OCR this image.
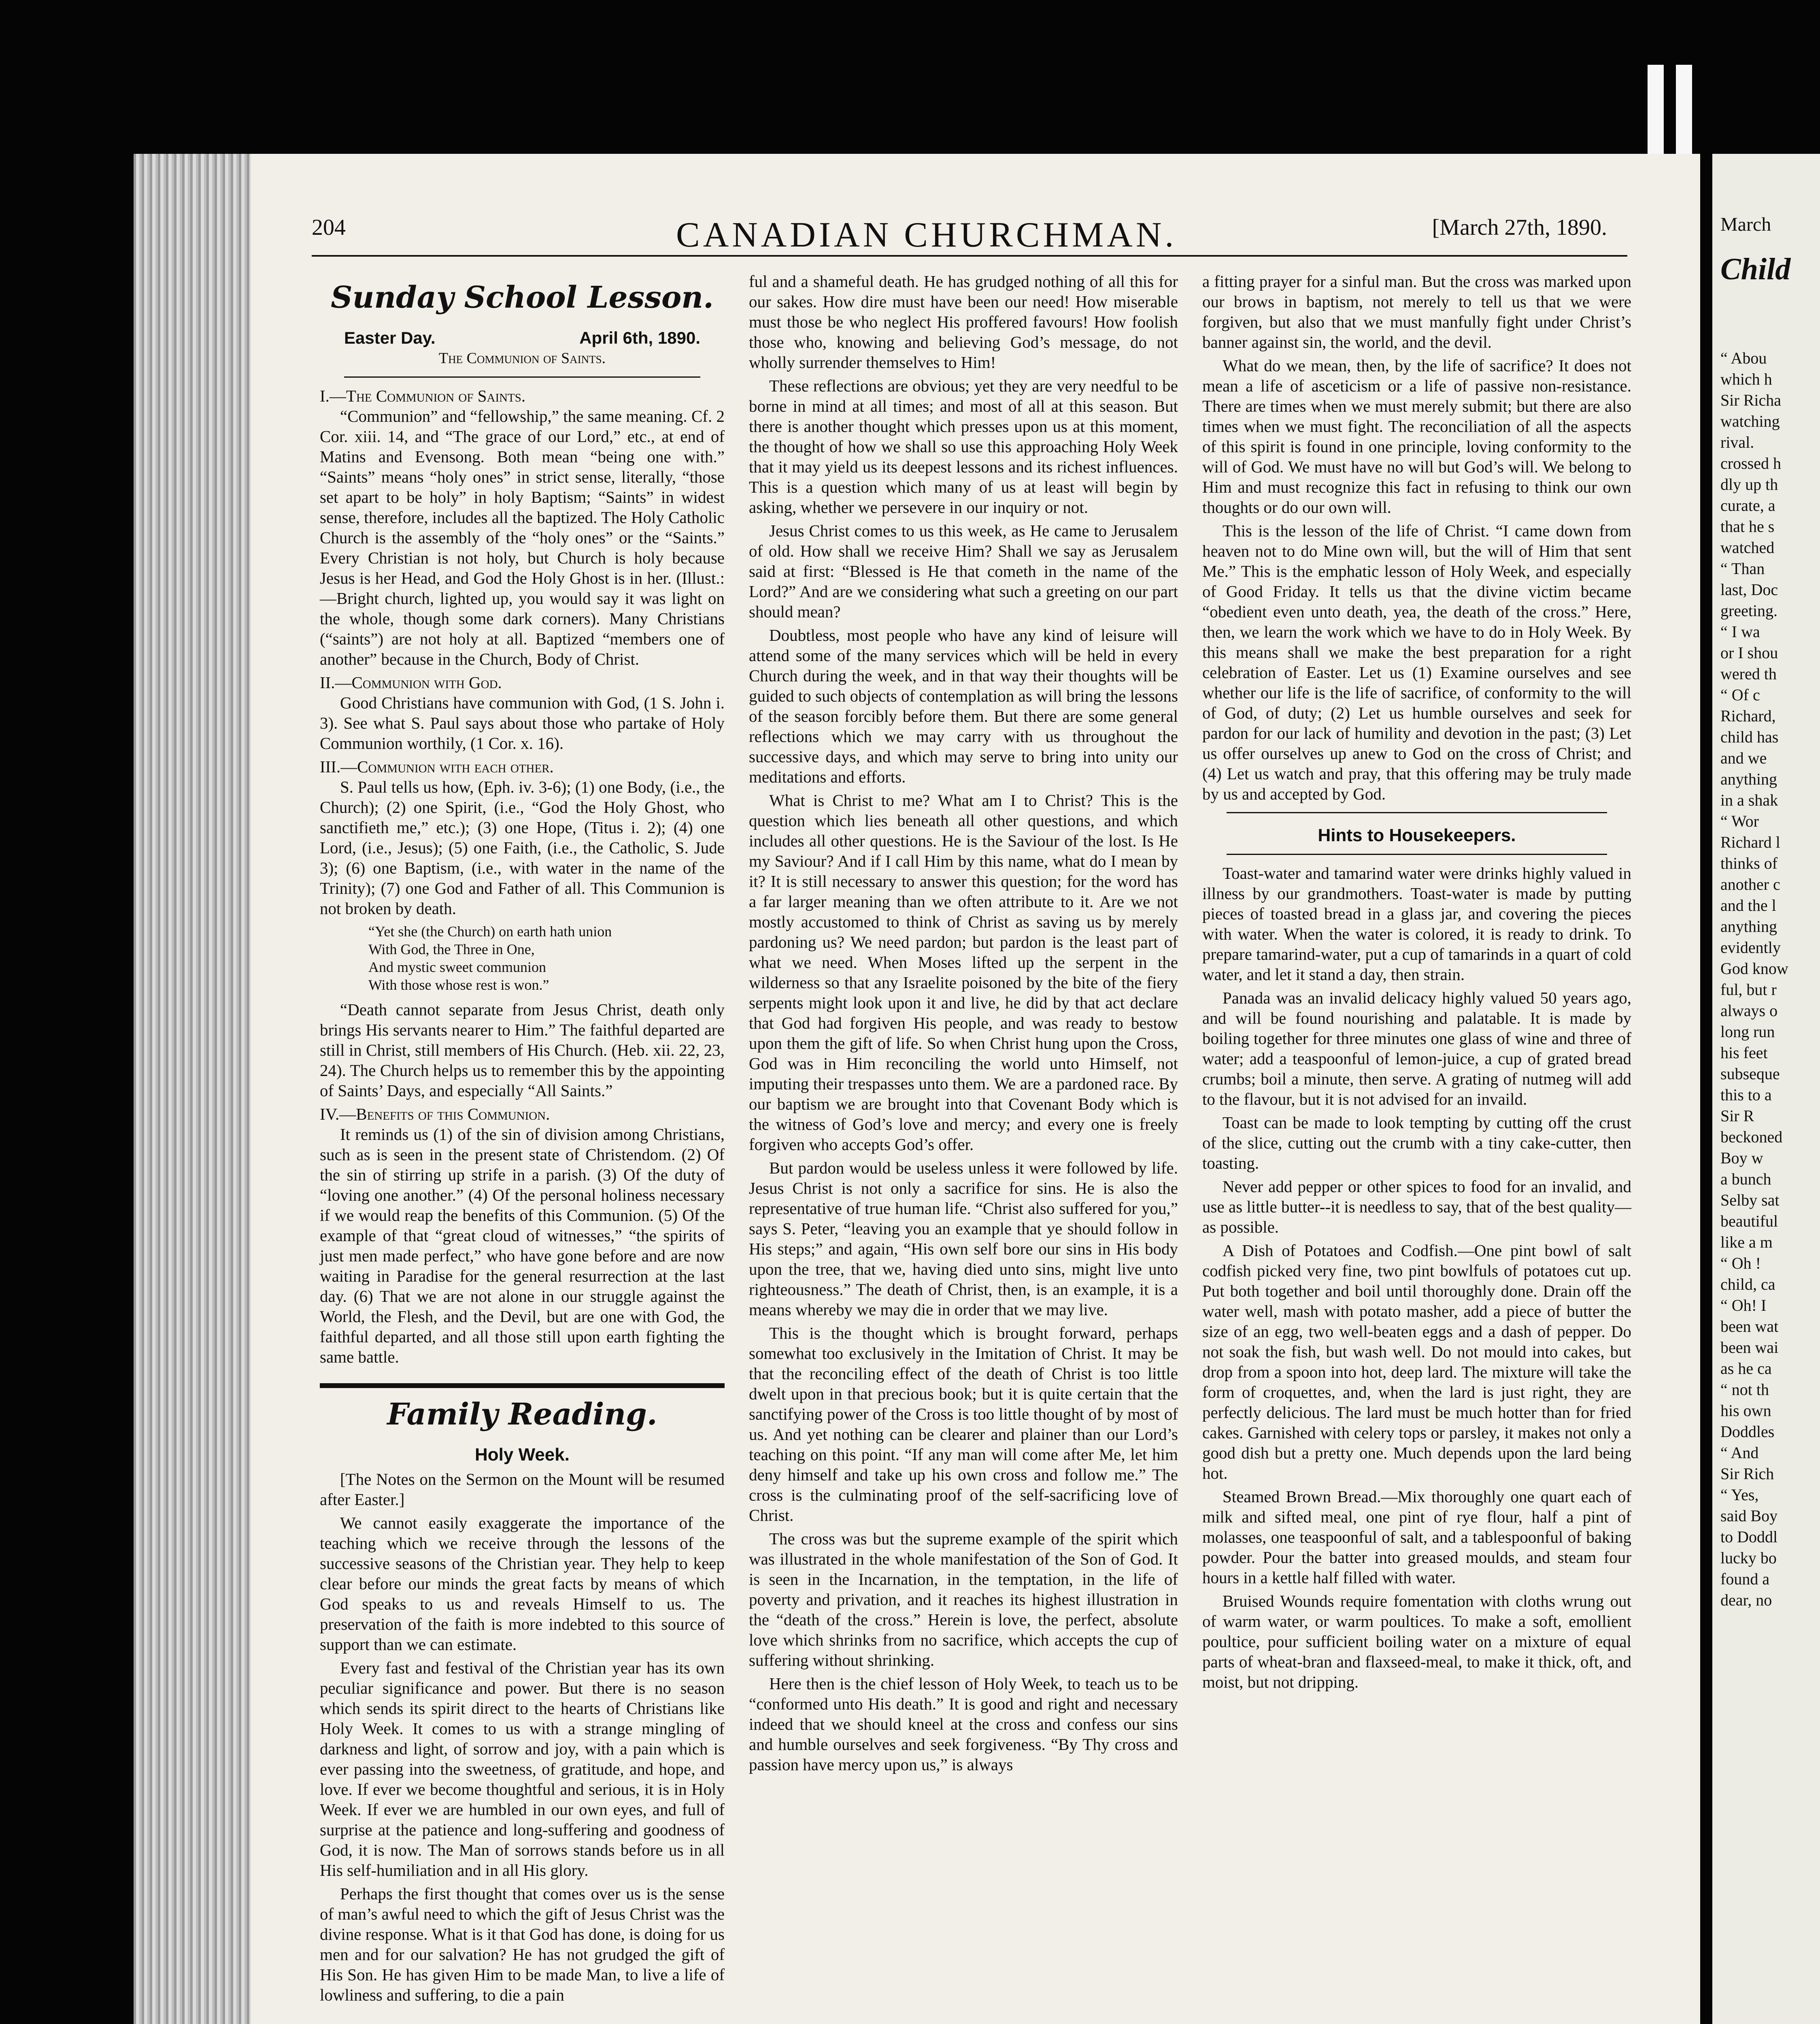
204	CANADIAN CHURCHMAN.	[March 27th, 1890.
Sunday School Lesson.
Easter Day.	April 6th, 1890.
The Communion of Saints.
I.—The Communion of Saints.

“Communion” and “fellowship,” the same meaning. Cf. 2 Cor. xiii. 14, and “The grace of our Lord,” etc., at end of Matins and Evensong. Both mean “being one with.” “Saints” means “holy ones” in strict sense, literally, “those set apart to be holy” in holy Baptism; “Saints” in widest sense, therefore, includes all the baptized. The Holy Catholic Church is the assembly of the “holy ones” or the “Saints.” Every Christian is not holy, but Church is holy because Jesus is her Head, and God the Holy Ghost is in her. (Illust.:—Bright church, lighted up, you would say it was light on the whole, though some dark corners). Many Christians (“saints”) are not holy at all. Baptized “members one of another” because in the Church, Body of Christ.

II.—Communion with God.

Good Christians have communion with God, (1 S. John i. 3). See what S. Paul says about those who partake of Holy Communion worthily, (1 Cor. x. 16).

III.—Communion with each other.

S. Paul tells us how, (Eph. iv. 3-6); (1) one Body, (i.e., the Church); (2) one Spirit, (i.e., “God the Holy Ghost, who sanctifieth me,” etc.); (3) one Hope, (Titus i. 2); (4) one Lord, (i.e., Jesus); (5) one Faith, (i.e., the Catholic, S. Jude 3); (6) one Baptism, (i.e., with water in the name of the Trinity); (7) one God and Father of all. This Communion is not broken by death.

“Yet she (the Church) on earth hath union
With God, the Three in One,
And mystic sweet communion
With those whose rest is won.”

“Death cannot separate from Jesus Christ, death only brings His servants nearer to Him.” The faithful departed are still in Christ, still members of His Church. (Heb. xii. 22, 23, 24). The Church helps us to remember this by the appointing of Saints’ Days, and especially “All Saints.”

IV.—Benefits of this Communion.

It reminds us (1) of the sin of division among Christians, such as is seen in the present state of Christendom. (2) Of the sin of stirring up strife in a parish. (3) Of the duty of “loving one another.” (4) Of the personal holiness necessary if we would reap the benefits of this Communion. (5) Of the example of that “great cloud of witnesses,” “the spirits of just men made perfect,” who have gone before and are now waiting in Paradise for the general resurrection at the last day. (6) That we are not alone in our struggle against the World, the Flesh, and the Devil, but are one with God, the faithful departed, and all those still upon earth fighting the same battle.

Family Reading.
Holy Week.

[The Notes on the Sermon on the Mount will be resumed after Easter.]

We cannot easily exaggerate the importance of the teaching which we receive through the lessons of the successive seasons of the Christian year. They help to keep clear before our minds the great facts by means of which God speaks to us and reveals Himself to us. The preservation of the faith is more indebted to this source of support than we can estimate.

Every fast and festival of the Christian year has its own peculiar significance and power. But there is no season which sends its spirit direct to the hearts of Christians like Holy Week. It comes to us with a strange mingling of darkness and light, of sorrow and joy, with a pain which is ever passing into the sweetness, of gratitude, and hope, and love. If ever we become thoughtful and serious, it is in Holy Week. If ever we are humbled in our own eyes, and full of surprise at the patience and long-suffering and goodness of God, it is now. The Man of sorrows stands before us in all His self-humiliation and in all His glory.

Perhaps the first thought that comes over us is the sense of man’s awful need to which the gift of Jesus Christ was the divine response. What is it that God has done, is doing for us men and for our salvation? He has not grudged the gift of His Son. He has given Him to be made Man, to live a life of lowliness and suffering, to die a pain

ful and a shameful death. He has grudged nothing of all this for our sakes. How dire must have been our need! How miserable must those be who neglect His proffered favours! How foolish those who, knowing and believing God’s message, do not wholly surrender themselves to Him!

These reflections are obvious; yet they are very needful to be borne in mind at all times; and most of all at this season. But there is another thought which presses upon us at this moment, the thought of how we shall so use this approaching Holy Week that it may yield us its deepest lessons and its richest influences. This is a question which many of us at least will begin by asking, whether we persevere in our inquiry or not.

Jesus Christ comes to us this week, as He came to Jerusalem of old. How shall we receive Him? Shall we say as Jerusalem said at first: “Blessed is He that cometh in the name of the Lord?” And are we considering what such a greeting on our part should mean?

Doubtless, most people who have any kind of leisure will attend some of the many services which will be held in every Church during the week, and in that way their thoughts will be guided to such objects of contemplation as will bring the lessons of the season forcibly before them. But there are some general reflections which we may carry with us throughout the successive days, and which may serve to bring into unity our meditations and efforts.

What is Christ to me? What am I to Christ? This is the question which lies beneath all other questions, and which includes all other questions. He is the Saviour of the lost. Is He my Saviour? And if I call Him by this name, what do I mean by it? It is still necessary to answer this question; for the word has a far larger meaning than we often attribute to it. Are we not mostly accustomed to think of Christ as saving us by merely pardoning us? We need pardon; but pardon is the least part of what we need. When Moses lifted up the serpent in the wilderness so that any Israelite poisoned by the bite of the fiery serpents might look upon it and live, he did by that act declare that God had forgiven His people, and was ready to bestow upon them the gift of life. So when Christ hung upon the Cross, God was in Him reconciling the world unto Himself, not imputing their trespasses unto them. We are a pardoned race. By our baptism we are brought into that Covenant Body which is the witness of God’s love and mercy; and every one is freely forgiven who accepts God’s offer.

But pardon would be useless unless it were followed by life. Jesus Christ is not only a sacrifice for sins. He is also the representative of true human life. “Christ also suffered for you,” says S. Peter, “leaving you an example that ye should follow in His steps;” and again, “His own self bore our sins in His body upon the tree, that we, having died unto sins, might live unto righteousness.” The death of Christ, then, is an example, it is a means whereby we may die in order that we may live.

This is the thought which is brought forward, perhaps somewhat too exclusively in the Imitation of Christ. It may be that the reconciling effect of the death of Christ is too little dwelt upon in that precious book; but it is quite certain that the sanctifying power of the Cross is too little thought of by most of us. And yet nothing can be clearer and plainer than our Lord’s teaching on this point. “If any man will come after Me, let him deny himself and take up his own cross and follow me.” The cross is the culminating proof of the self-sacrificing love of Christ.

The cross was but the supreme example of the spirit which was illustrated in the whole manifestation of the Son of God. It is seen in the Incarnation, in the temptation, in the life of poverty and privation, and it reaches its highest illustration in the “death of the cross.” Herein is love, the perfect, absolute love which shrinks from no sacrifice, which accepts the cup of suffering without shrinking.

Here then is the chief lesson of Holy Week, to teach us to be “conformed unto His death.” It is good and right and necessary indeed that we should kneel at the cross and confess our sins and humble ourselves and seek forgiveness. “By Thy cross and passion have mercy upon us,” is always

a fitting prayer for a sinful man. But the cross was marked upon our brows in baptism, not merely to tell us that we were forgiven, but also that we must manfully fight under Christ’s banner against sin, the world, and the devil.

What do we mean, then, by the life of sacrifice? It does not mean a life of asceticism or a life of passive non-resistance. There are times when we must merely submit; but there are also times when we must fight. The reconciliation of all the aspects of this spirit is found in one principle, loving conformity to the will of God. We must have no will but God’s will. We belong to Him and must recognize this fact in refusing to think our own thoughts or do our own will.

This is the lesson of the life of Christ. “I came down from heaven not to do Mine own will, but the will of Him that sent Me.” This is the emphatic lesson of Holy Week, and especially of Good Friday. It tells us that the divine victim became “obedient even unto death, yea, the death of the cross.” Here, then, we learn the work which we have to do in Holy Week. By this means shall we make the best preparation for a right celebration of Easter. Let us (1) Examine ourselves and see whether our life is the life of sacrifice, of conformity to the will of God, of duty; (2) Let us humble ourselves and seek for pardon for our lack of humility and devotion in the past; (3) Let us offer ourselves up anew to God on the cross of Christ; and (4) Let us watch and pray, that this offering may be truly made by us and accepted by God.

Hints to Housekeepers.

Toast-water and tamarind water were drinks highly valued in illness by our grandmothers. Toast-water is made by putting pieces of toasted bread in a glass jar, and covering the pieces with water. When the water is colored, it is ready to drink. To prepare tamarind-water, put a cup of tamarinds in a quart of cold water, and let it stand a day, then strain.

Panada was an invalid delicacy highly valued 50 years ago, and will be found nourishing and palatable. It is made by boiling together for three minutes one glass of wine and three of water; add a teaspoonful of lemon-juice, a cup of grated bread crumbs; boil a minute, then serve. A grating of nutmeg will add to the flavour, but it is not advised for an invaild.

Toast can be made to look tempting by cutting off the crust of the slice, cutting out the crumb with a tiny cake-cutter, then toasting.

Never add pepper or other spices to food for an invalid, and use as little butter--it is needless to say, that of the best quality—as possible.

A Dish of Potatoes and Codfish.—One pint bowl of salt codfish picked very fine, two pint bowlfuls of potatoes cut up. Put both together and boil until thoroughly done. Drain off the water well, mash with potato masher, add a piece of butter the size of an egg, two well-beaten eggs and a dash of pepper. Do not soak the fish, but wash well. Do not mould into cakes, but drop from a spoon into hot, deep lard. The mixture will take the form of croquettes, and, when the lard is just right, they are perfectly delicious. The lard must be much hotter than for fried cakes. Garnished with celery tops or parsley, it makes not only a good dish but a pretty one. Much depends upon the lard being hot.

Steamed Brown Bread.—Mix thoroughly one quart each of milk and sifted meal, one pint of rye flour, half a pint of molasses, one teaspoonful of salt, and a tablespoonful of baking powder. Pour the batter into greased moulds, and steam four hours in a kettle half filled with water.

Bruised Wounds require fomentation with cloths wrung out of warm water, or warm poultices. To make a soft, emollient poultice, pour sufficient boiling water on a mixture of equal parts of wheat-bran and flaxseed-meal, to make it thick, oft, and moist, but not dripping.

March
Child
“ Abou
which h
Sir Richa
watching
rival.
crossed h
dly up th
curate, a
that he s
watched
“ Than
last, Doc
greeting.
“ I wa
or I shou
wered th
“ Of c
Richard,
child has
and we
anything
in a shak
“ Wor
Richard l
thinks of
another c
and the l
anything
evidently
God know
ful, but r
always o
long run
his feet
subseque
this to a
Sir R
beckoned
Boy w
a bunch
Selby sat
beautiful
like a m
“ Oh !
child, ca
“ Oh! I
been wat
been wai
as he ca
“ not th
his own
Doddles
“ And
Sir Rich
“ Yes,
said Boy
to Doddl
lucky bo
found a
dear, no
